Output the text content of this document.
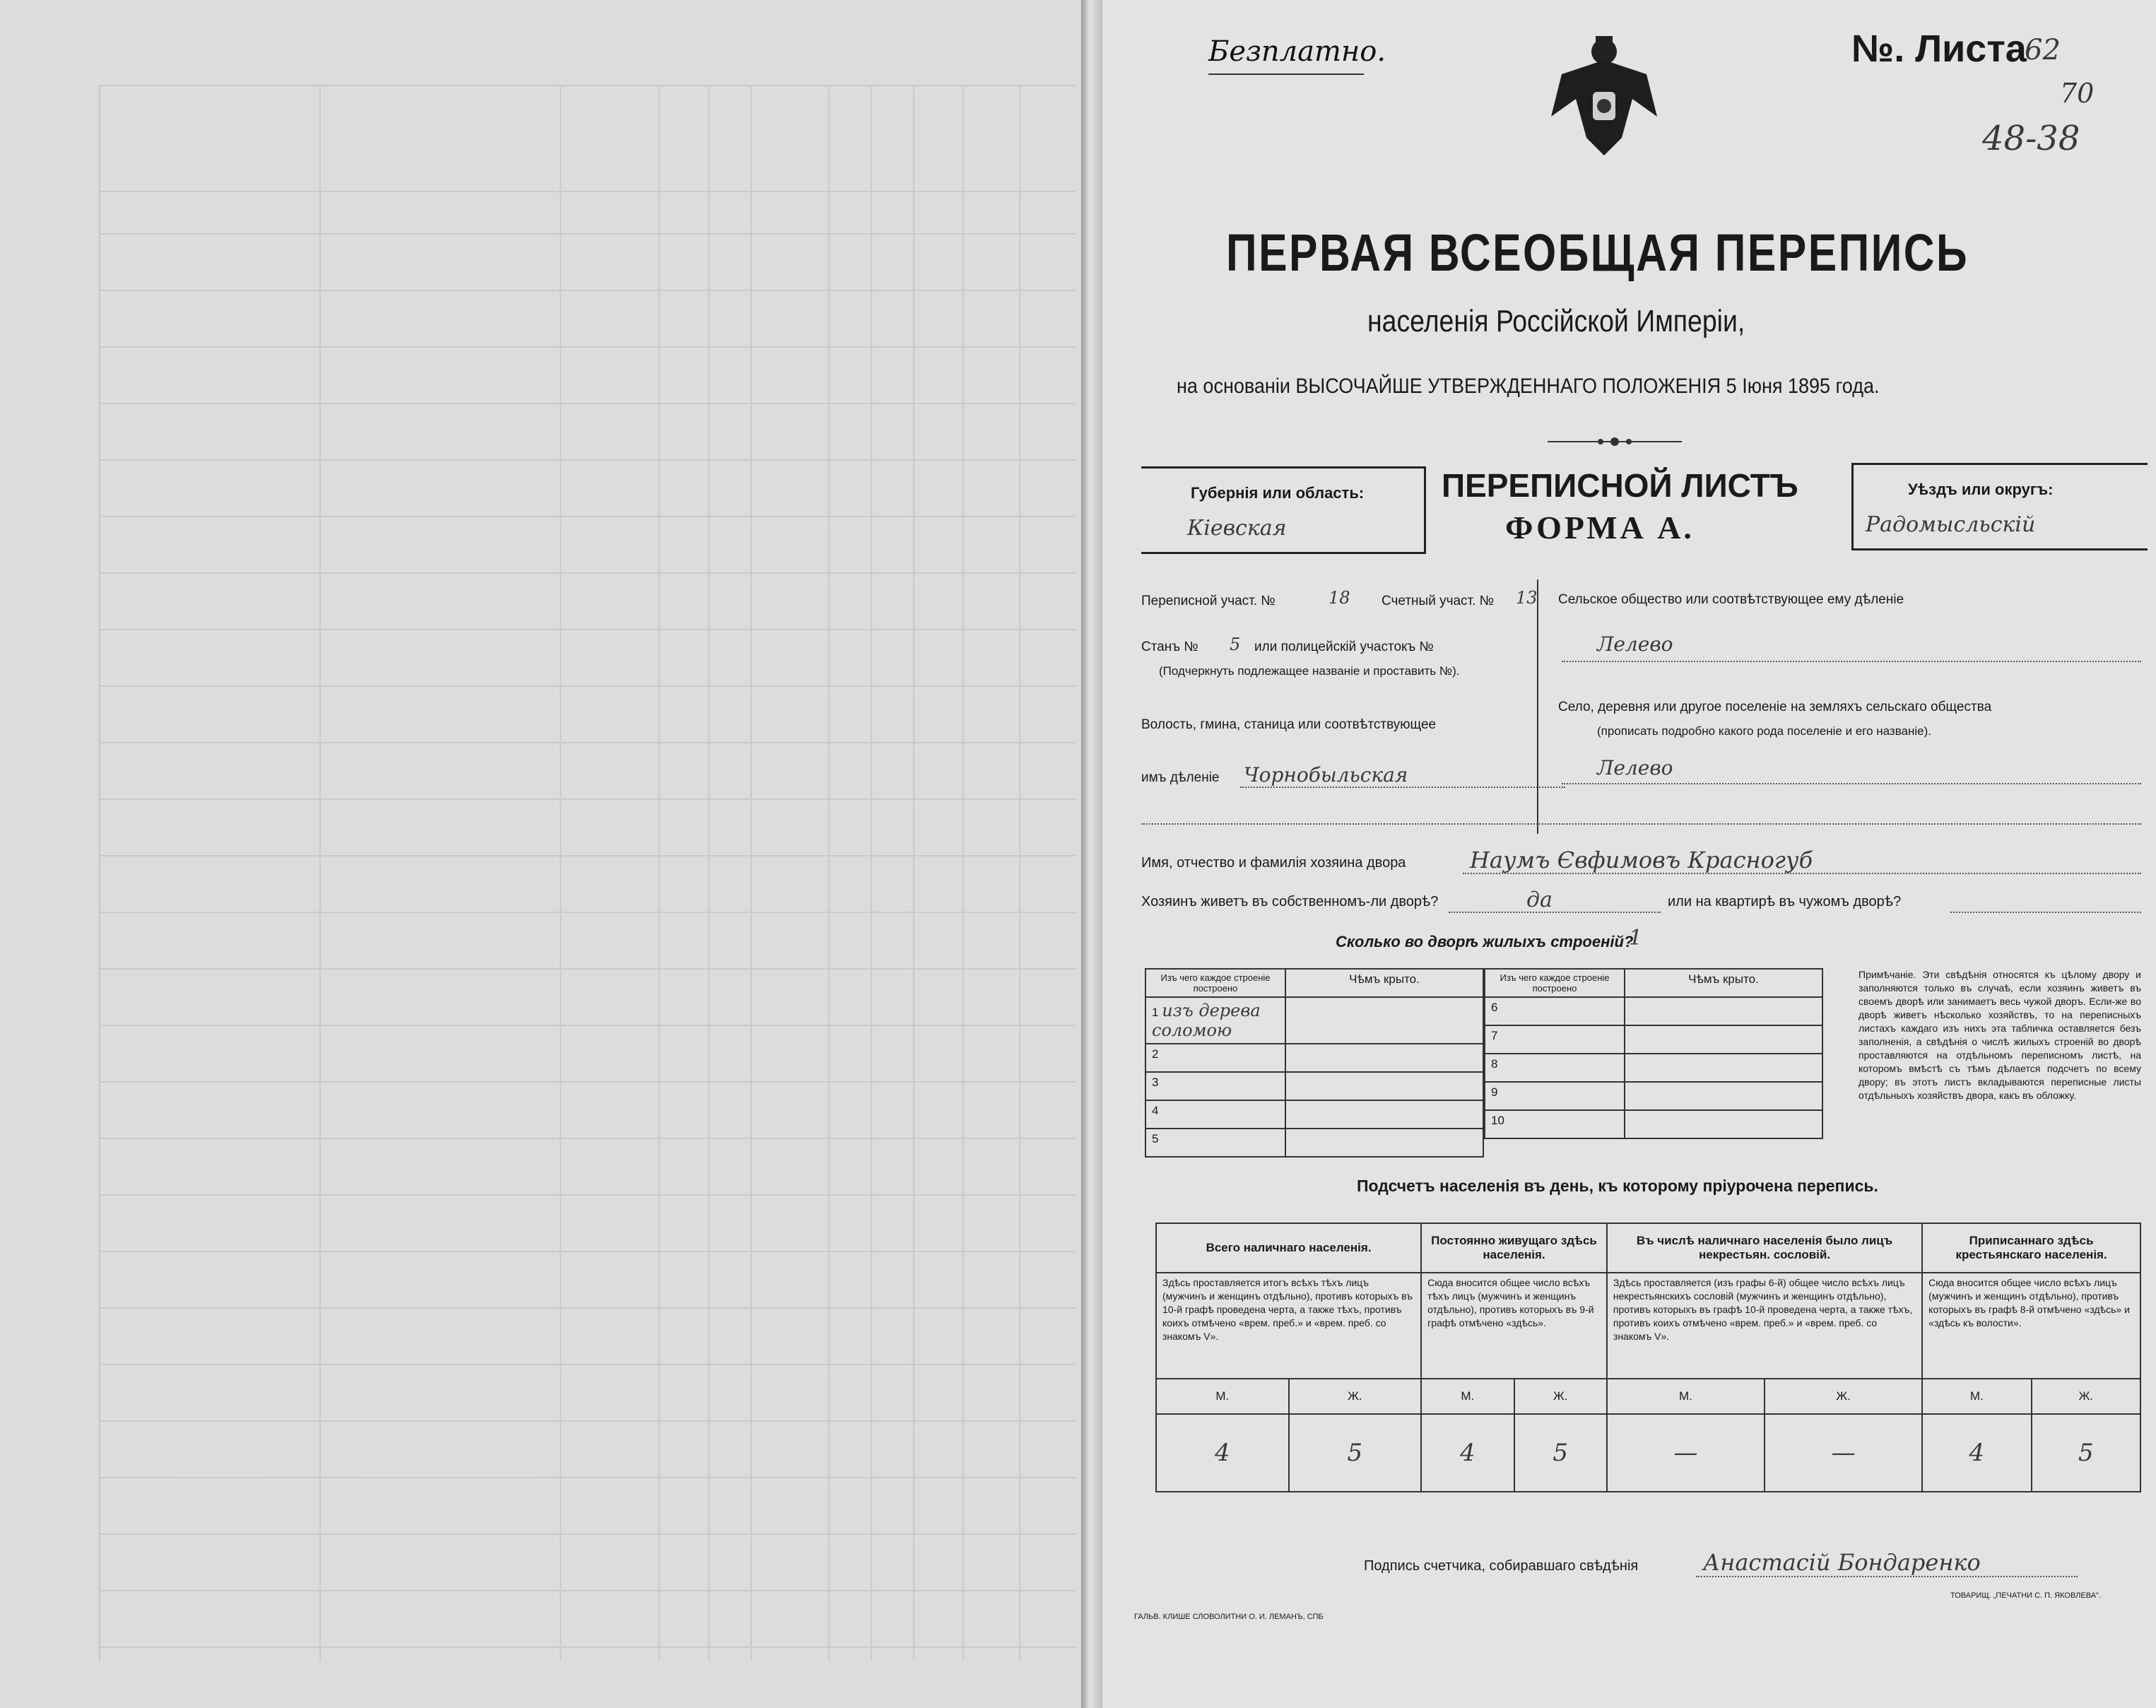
Безплатно.	№. Листа
62
70
48-38
ПЕРВАЯ ВСЕОБЩАЯ ПЕРЕПИСЬ
населенія Россійской Имперіи,
на основаніи ВЫСОЧАЙШЕ УТВЕРЖДЕННАГО ПОЛОЖЕНІЯ 5 Іюня 1895 года.
Губернія или область:
Кіевская
ПЕРЕПИСНОЙ ЛИСТЪ
ФОРМА А.
Уѣздъ или округъ:
Радомысльскій
Переписной участ. №	18 Счетный участ. № 13
Станъ № 5 или полицейскій участокъ №
(Подчеркнуть подлежащее названіе и проставить №).
Волость, гмина, станица или соотвѣтствующее
имъ дѣленіе Чорнобыльская
Сельское общество или соотвѣтствующее ему дѣленіе
Лелево
Село, деревня или другое поселеніе на земляхъ сельскаго общества
(прописать подробно какого рода поселеніе и его названіе).
Лелево
Имя, отчество и фамилія хозяина двора	Наумъ Євфимовъ Красногуб
Хозяинъ живетъ въ собственномъ-ли дворѣ?	да	или на квартирѣ въ чужомъ дворѣ?
Сколько во дворѣ жилыхъ строеній?
1
Изъ чего каждое строеніе построено	Чѣмъ крыто.
1 изъ дерева соломою	
2	
3	
4	
5	
Изъ чего каждое строеніе построено	Чѣмъ крыто.
6	
7	
8	
9	
10	
Примѣчаніе. Эти свѣдѣнія относятся къ цѣлому двору и заполняются только въ случаѣ, если хозяинъ живетъ въ своемъ дворѣ или занимаетъ весь чужой дворъ. Если-же во дворѣ живетъ нѣсколько хозяйствъ, то на переписныхъ листахъ каждаго изъ нихъ эта табличка оставляется безъ заполненія, а свѣдѣнія о числѣ жилыхъ строеній во дворѣ проставляются на отдѣльномъ переписномъ листѣ, на которомъ вмѣстѣ съ тѣмъ дѣлается подсчетъ по всему двору; въ этотъ листъ вкладываются переписные листы отдѣльныхъ хозяйствъ двора, какъ въ обложку.
Подсчетъ населенія въ день, къ которому пріурочена перепись.
Всего наличнаго населенія.		Постоянно живущаго здѣсь населенія.		Въ числѣ наличнаго населенія было лицъ некрестьян. сословій.		Приписаннаго здѣсь крестьянскаго населенія.	
Здѣсь проставляется итогъ всѣхъ тѣхъ лицъ (мужчинъ и женщинъ отдѣльно), противъ которыхъ въ 10-й графѣ проведена черта, а также тѣхъ, противъ коихъ отмѣчено «врем. преб.» и «врем. преб. со знакомъ V».		Сюда вносится общее число всѣхъ тѣхъ лицъ (мужчинъ и женщинъ отдѣльно), противъ которыхъ въ 9-й графѣ отмѣчено «здѣсь».		Здѣсь проставляется (изъ графы 6-й) общее число всѣхъ лицъ некрестьянскихъ сословій (мужчинъ и женщинъ отдѣльно), противъ которыхъ въ графѣ 10-й проведена черта, а также тѣхъ, противъ коихъ отмѣчено «врем. преб.» и «врем. преб. со знакомъ V».		Сюда вносится общее число всѣхъ лицъ (мужчинъ и женщинъ отдѣльно), противъ которыхъ въ графѣ 8-й отмѣчено «здѣсь» и «здѣсь къ волости».	
М.	Ж.	М.	Ж.	М.	Ж.	М.	Ж.
4	5	4	5	—	—	4	5
Подпись счетчика, собиравшаго свѣдѣнія	Анастасій Бондаренко
ГАЛЬВ. КЛИШЕ СЛОВОЛИТНИ О. И. ЛЕМАНЪ, СПБ
ТОВАРИЩ. „ПЕЧАТНИ С. П. ЯКОВЛЕВА".
